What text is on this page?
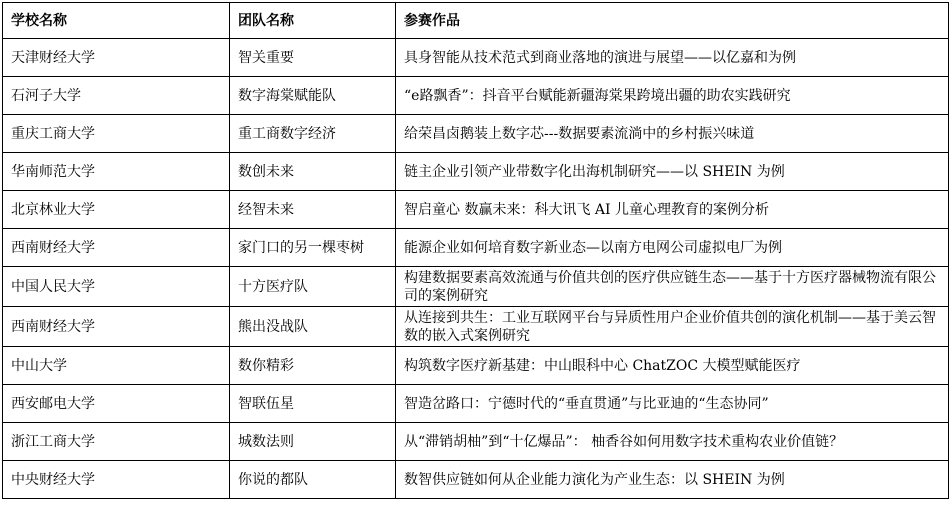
学校名称	团队名称	参赛作品
天津财经大学	智关重要	具身智能从技术范式到商业落地的演进与展望——以亿嘉和为例
石河子大学	数字海棠赋能队	“e路飘香”：抖音平台赋能新疆海棠果跨境出疆的助农实践研究
重庆工商大学	重工商数字经济	给荣昌卤鹅装上数字芯---数据要素流淌中的乡村振兴味道
华南师范大学	数创未来	链主企业引领产业带数字化出海机制研究——以 SHEIN 为例
北京林业大学	经智未来	智启童心 数赢未来：科大讯飞 AI 儿童心理教育的案例分析
西南财经大学	家门口的另一棵枣树	能源企业如何培育数字新业态—以南方电网公司虚拟电厂为例
中国人民大学	十方医疗队	构建数据要素高效流通与价值共创的医疗供应链生态——基于十方医疗器械物流有限公司的案例研究
西南财经大学	熊出没战队	从连接到共生：工业互联网平台与异质性用户企业价值共创的演化机制——基于美云智数的嵌入式案例研究
中山大学	数你精彩	构筑数字医疗新基建：中山眼科中心 ChatZOC 大模型赋能医疗
西安邮电大学	智联伍星	智造岔路口：宁德时代的“垂直贯通”与比亚迪的“生态协同”
浙江工商大学	城数法则	从“滞销胡柚”到“十亿爆品”： 柚香谷如何用数字技术重构农业价值链？
中央财经大学	你说的都队	数智供应链如何从企业能力演化为产业生态：以 SHEIN 为例
